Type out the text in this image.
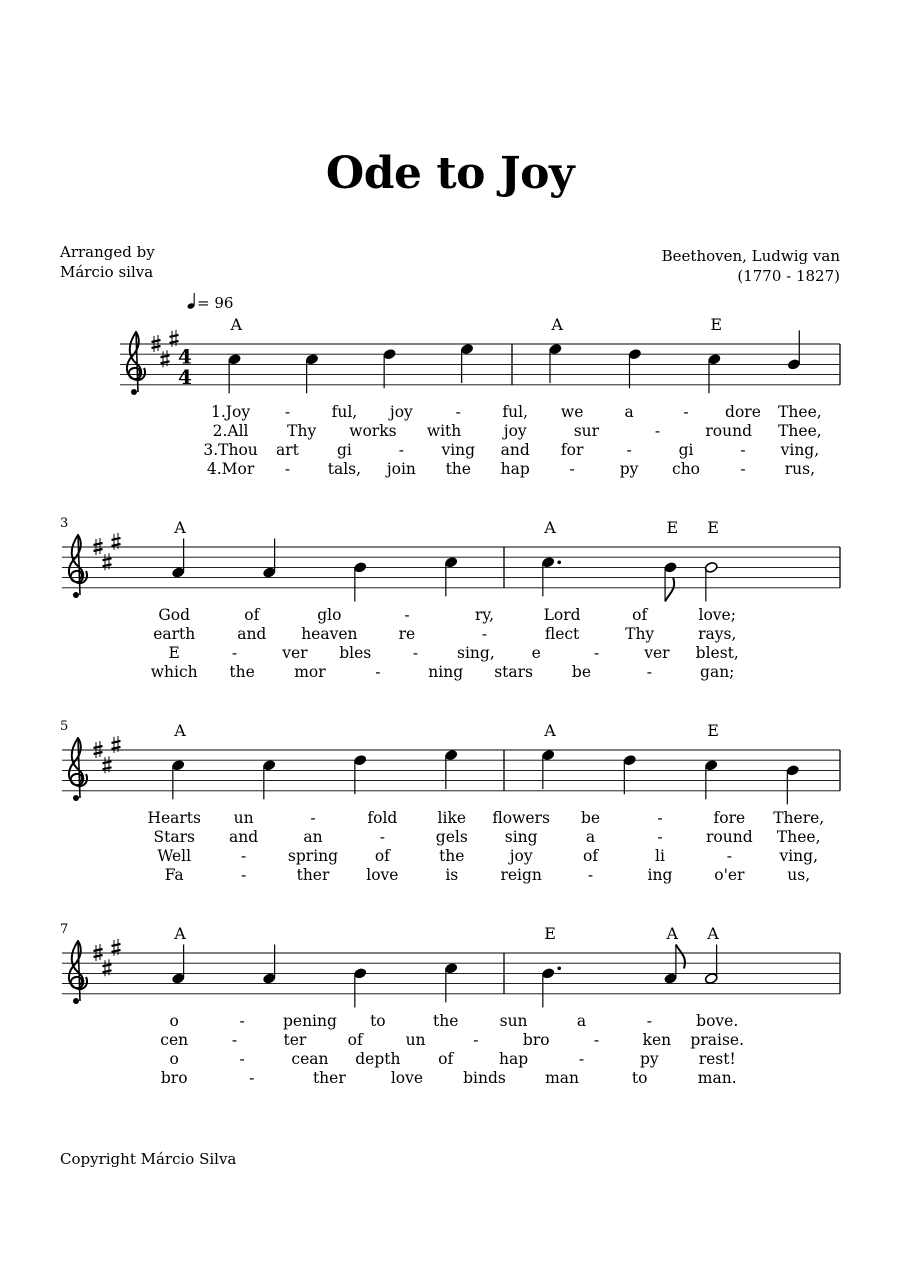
Ode to Joy
Arranged by
Márcio silva
Beethoven, Ludwig van
(1770 - 1827)
= 96
Copyright Márcio Silva
4
4
A	A	E
1.Joy -	ful, joy	-	ful, we	a	- dore Thee,
2.All Thy works with	joy	sur	-	round Thee,
3.Thou art gi	- ving and for	-	gi	- ving,
4.Mor - tals, join the hap	-	py cho	-	rus,
3	A	A	E E
God	of	glo	-	ry,	Lord	of	love;
earth	and heaven	re	-	flect	Thy	rays,
E	-	ver bles	-	sing, e	-	ver blest,
which the	mor	-	ning stars	be	-	gan;
5	A	A	E
Hearts un	-	fold	like flowers be	-	fore There,
Stars and	an	-	gels sing	a	-	round Thee,
Well	-	spring of	the	joy	of	li	-	ving,
Fa	-	ther love	is	reign	-	ing	o'er	us,
7	A	E	A A
o	- pening to	the	sun	a	-	bove.
cen	-	ter	of	un	-	bro	-	ken praise.
o	-	cean depth of	hap	-	py	rest!
bro	-	ther	love	binds	man	to	man.
